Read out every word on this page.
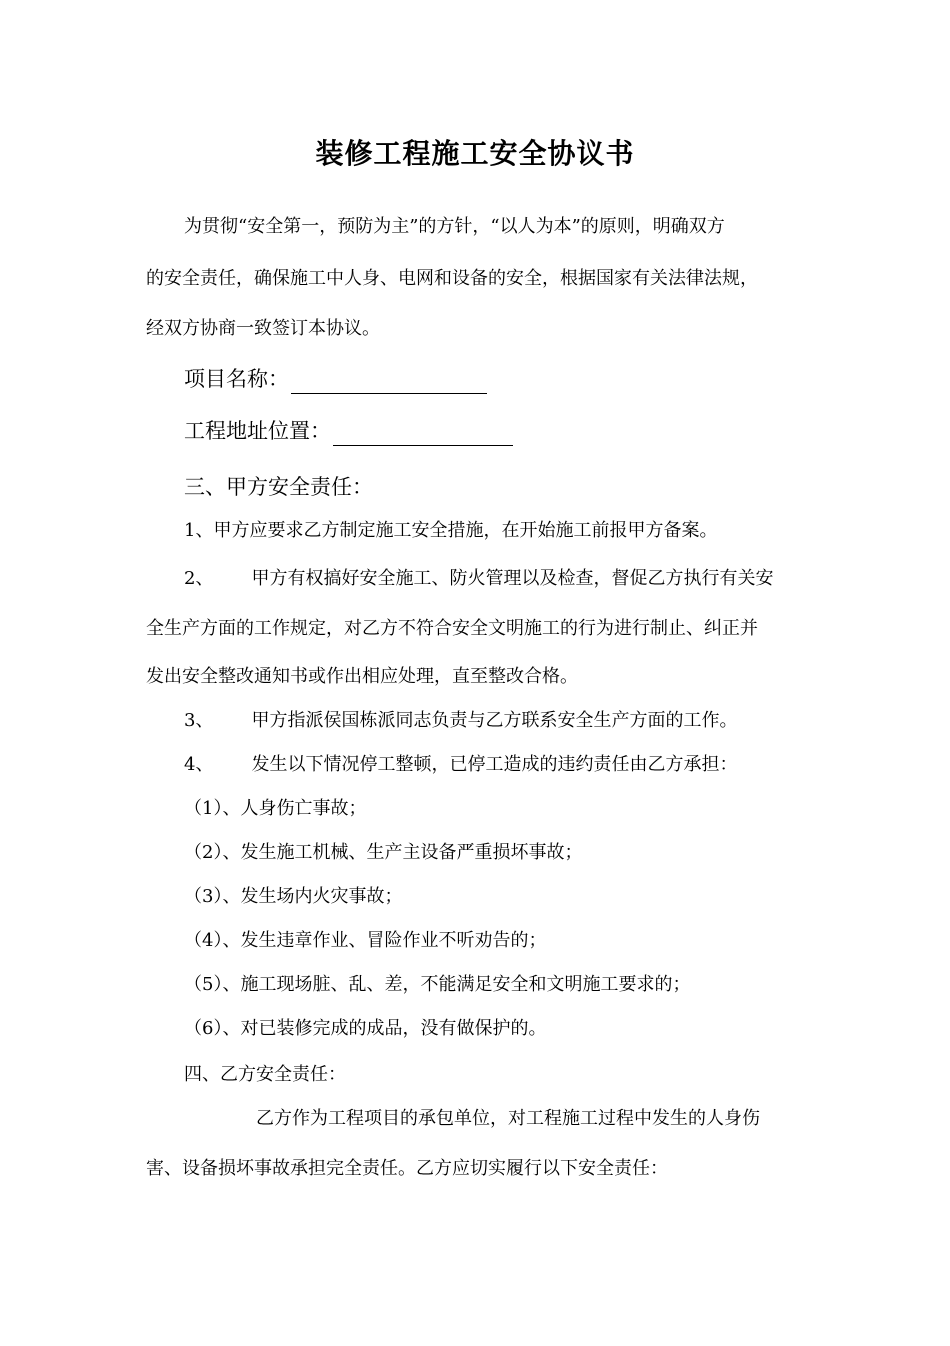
装修工程施工安全协议书

为贯彻“安全第一，预防为主”的方针，“以人为本”的原则，明确双方

的安全责任，确保施工中人身、电网和设备的安全，根据国家有关法律法规，

经双方协商一致签订本协议。

项目名称：

工程地址位置：

三、甲方安全责任：

1、甲方应要求乙方制定施工安全措施，在开始施工前报甲方备案。

2、 甲方有权搞好安全施工、防火管理以及检查，督促乙方执行有关安

全生产方面的工作规定，对乙方不符合安全文明施工的行为进行制止、纠正并

发出安全整改通知书或作出相应处理，直至整改合格。

3、 甲方指派侯国栋派同志负责与乙方联系安全生产方面的工作。

4、 发生以下情况停工整顿，已停工造成的违约责任由乙方承担：

（1）、人身伤亡事故；

（2）、发生施工机械、生产主设备严重损坏事故；

（3）、发生场内火灾事故；

（4）、发生违章作业、冒险作业不听劝告的；

（5）、施工现场脏、乱、差，不能满足安全和文明施工要求的；

（6）、对已装修完成的成品，没有做保护的。

四、乙方安全责任：

乙方作为工程项目的承包单位，对工程施工过程中发生的人身伤

害、设备损坏事故承担完全责任。乙方应切实履行以下安全责任：
